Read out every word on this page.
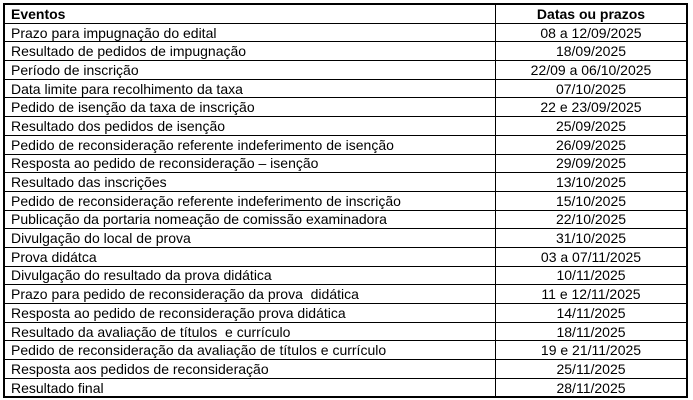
Eventos	Datas ou prazos
Prazo para impugnação do edital	08 a 12/09/2025
Resultado de pedidos de impugnação	18/09/2025
Período de inscrição	22/09 a 06/10/2025
Data limite para recolhimento da taxa	07/10/2025
Pedido de isenção da taxa de inscrição	22 e 23/09/2025
Resultado dos pedidos de isenção	25/09/2025
Pedido de reconsideração referente indeferimento de isenção	26/09/2025
Resposta ao pedido de reconsideração – isenção	29/09/2025
Resultado das inscrições	13/10/2025
Pedido de reconsideração referente indeferimento de inscrição	15/10/2025
Publicação da portaria nomeação de comissão examinadora	22/10/2025
Divulgação do local de prova	31/10/2025
Prova didátca	03 a 07/11/2025
Divulgação do resultado da prova didática	10/11/2025
Prazo para pedido de reconsideração da prova  didática	11 e 12/11/2025
Resposta ao pedido de reconsideração prova didática	14/11/2025
Resultado da avaliação de títulos  e currículo	18/11/2025
Pedido de reconsideração da avaliação de títulos e currículo	19 e 21/11/2025
Resposta aos pedidos de reconsideração	25/11/2025
Resultado final	28/11/2025
